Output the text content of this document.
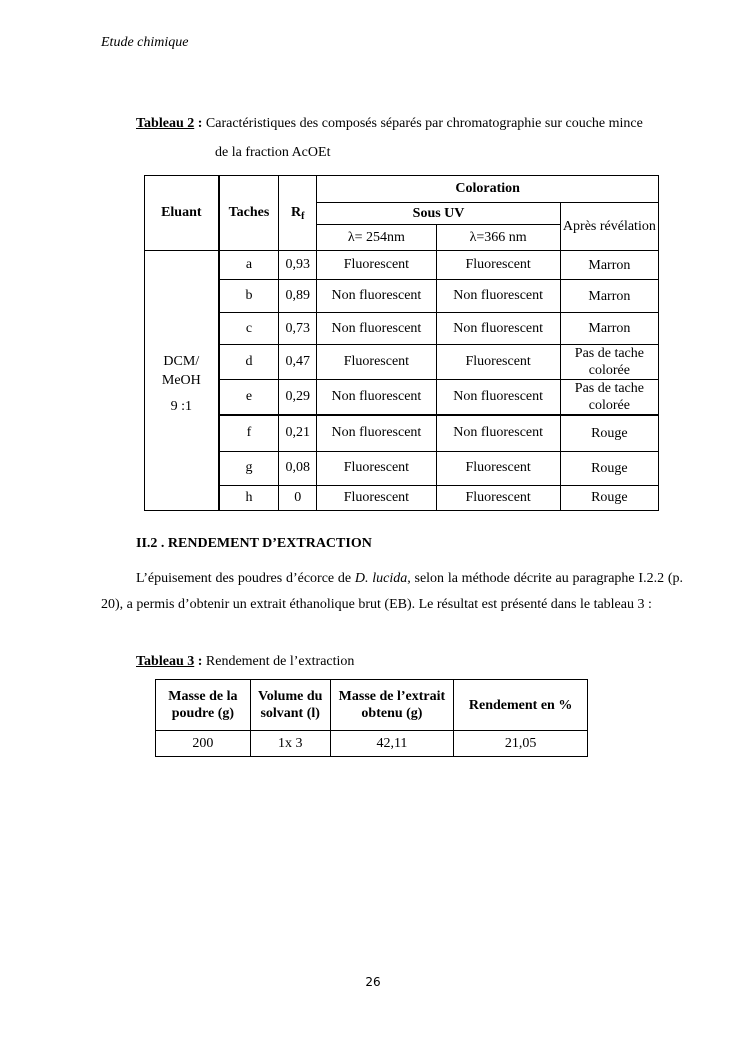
Etude chimique
Tableau 2 : Caractéristiques des composés séparés par chromatographie sur couche mince
de la fraction AcOEt
Eluant	Taches	$R_f$	Coloration		
			Sous UV		Après révélation
			λ= 254nm	λ=366 nm	

DCM/
MeOH
9 :1	a	0,93	Fluorescent	Fluorescent	Marron
	b	0,89	Non fluorescent	Non fluorescent	Marron
	c	0,73	Non fluorescent	Non fluorescent	Marron
	d	0,47	Fluorescent	Fluorescent	Pas de tache colorée
	e	0,29	Non fluorescent	Non fluorescent	Pas de tache colorée
	f	0,21	Non fluorescent	Non fluorescent	Rouge
	g	0,08	Fluorescent	Fluorescent	Rouge
	h	0	Fluorescent	Fluorescent	Rouge
II.2 . RENDEMENT D’EXTRACTION
L’épuisement des poudres d’écorce de D. lucida, selon la méthode décrite au paragraphe I.2.2 (p. 20), a permis d’obtenir un extrait éthanolique brut (EB). Le résultat est présenté dans le tableau 3 :
Tableau 3 : Rendement de l’extraction
Masse de la poudre (g)	Volume du solvant (l)	Masse de l’extrait obtenu (g)	Rendement en %
200	1x 3	42,11	21,05
26
